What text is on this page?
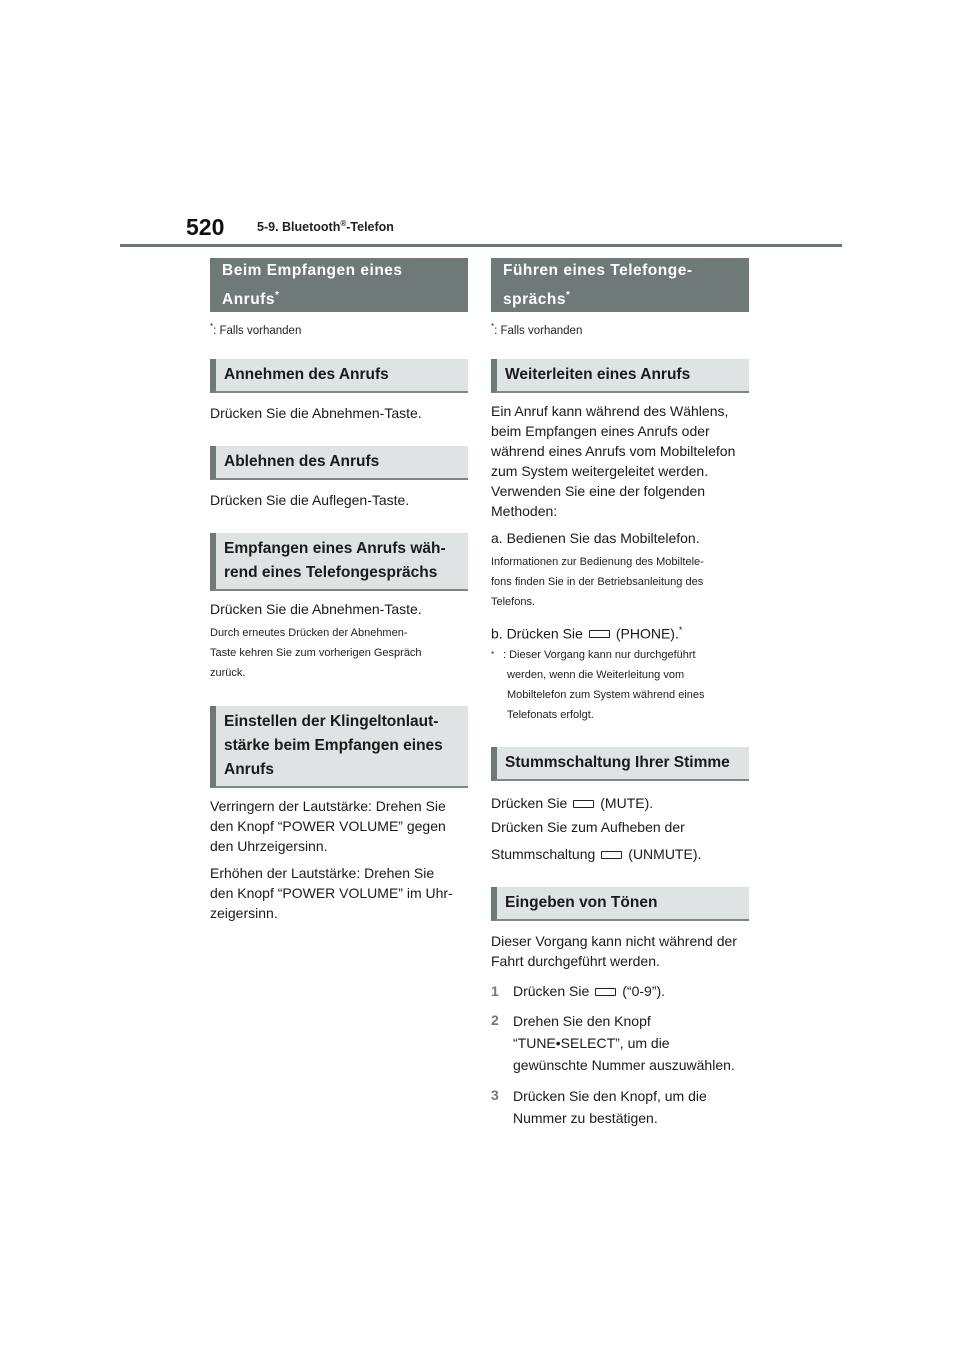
520	5-9. Bluetooth®-Telefon
Beim Empfangen eines
Anrufs*
*: Falls vorhanden
Annehmen des Anrufs
Drücken Sie die Abnehmen-Taste.
Ablehnen des Anrufs
Drücken Sie die Auflegen-Taste.
Empfangen eines Anrufs wäh-
rend eines Telefongesprächs
Drücken Sie die Abnehmen-Taste.
Durch erneutes Drücken der Abnehmen-
Taste kehren Sie zum vorherigen Gespräch
zurück.
Einstellen der Klingeltonlaut-
stärke beim Empfangen eines
Anrufs
Verringern der Lautstärke: Drehen Sie
den Knopf “POWER VOLUME” gegen
den Uhrzeigersinn.
Erhöhen der Lautstärke: Drehen Sie
den Knopf “POWER VOLUME” im Uhr-
zeigersinn.
Führen eines Telefonge-
sprächs*
*: Falls vorhanden
Weiterleiten eines Anrufs
Ein Anruf kann während des Wählens,
beim Empfangen eines Anrufs oder
während eines Anrufs vom Mobiltelefon
zum System weitergeleitet werden.
Verwenden Sie eine der folgenden
Methoden:
a. Bedienen Sie das Mobiltelefon.
Informationen zur Bedienung des Mobiltele-
fons finden Sie in der Betriebsanleitung des
Telefons.
b. Drücken Sie (PHONE).*
* : Dieser Vorgang kann nur durchgeführt
werden, wenn die Weiterleitung vom
Mobiltelefon zum System während eines
Telefonats erfolgt.
Stummschaltung Ihrer Stimme
Drücken Sie (MUTE).
Drücken Sie zum Aufheben der
Stummschaltung (UNMUTE).
Eingeben von Tönen
Dieser Vorgang kann nicht während der
Fahrt durchgeführt werden.
1	Drücken Sie (“0-9”).
2	Drehen Sie den Knopf
“TUNE•SELECT”, um die
gewünschte Nummer auszuwählen.
3	Drücken Sie den Knopf, um die
Nummer zu bestätigen.
